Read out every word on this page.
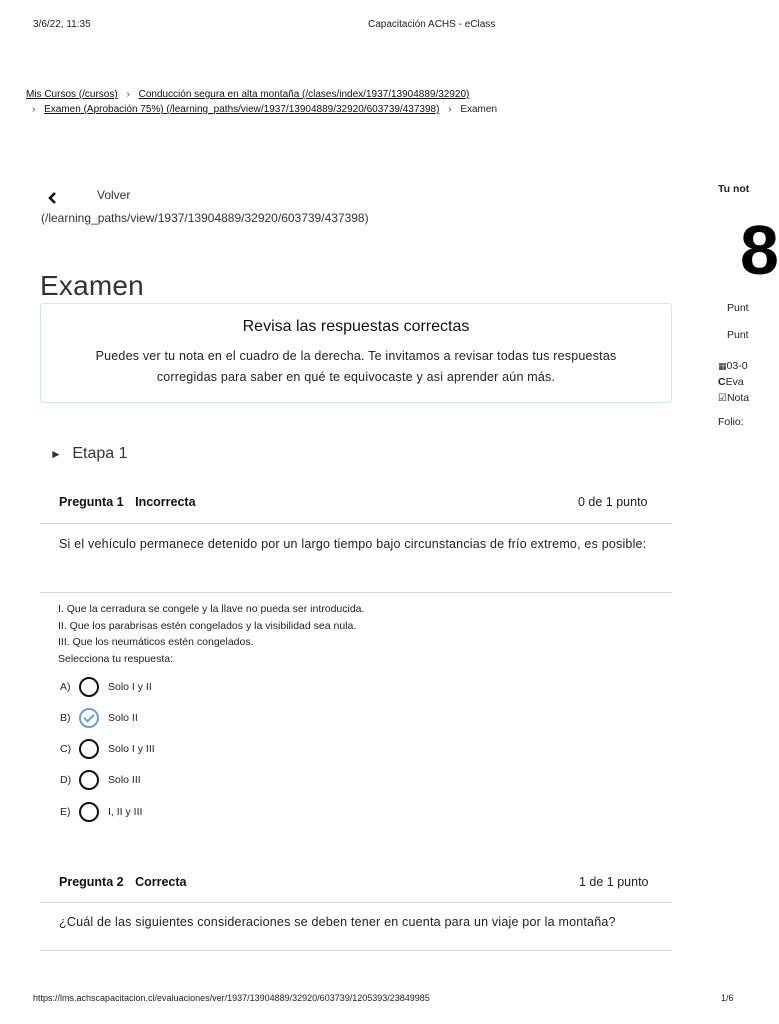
3/6/22, 11:35	Capacitación ACHS - eClass
Mis Cursos (/cursos) › Conducción segura en alta montaña (/clases/index/1937/13904889/32920)
› Examen (Aprobación 75%) (/learning_paths/view/1937/13904889/32920/603739/437398) › Examen
Volver
(/learning_paths/view/1937/13904889/32920/603739/437398)
Examen
Revisa las respuestas correctas

Puedes ver tu nota en el cuadro de la derecha. Te invitamos a revisar todas tus respuestas corregidas para saber en qué te equivocaste y asi aprender aún más.

► Etapa 1
Pregunta 1 Incorrecta	0 de 1 punto
Si el vehículo permanece detenido por un largo tiempo bajo circunstancias de frío extremo, es posible:
I. Que la cerradura se congele y la llave no pueda ser introducida.
II. Que los parabrisas estén congelados y la visibilidad sea nula.
III. Que los neumáticos estén congelados.
Selecciona tu respuesta:
A)	Solo I y II
B)	Solo II
C)	Solo I y III
D)	Solo III
E)	I, II y III
Pregunta 2 Correcta	1 de 1 punto
¿Cuál de las siguientes consideraciones se deben tener en cuenta para un viaje por la montaña?
Tu not
8
Punt
Punt
▦03-0
CEva
☑Nota
Folio:
https://lms.achscapacitacion.cl/evaluaciones/ver/1937/13904889/32920/603739/1205393/23849985	1/6
